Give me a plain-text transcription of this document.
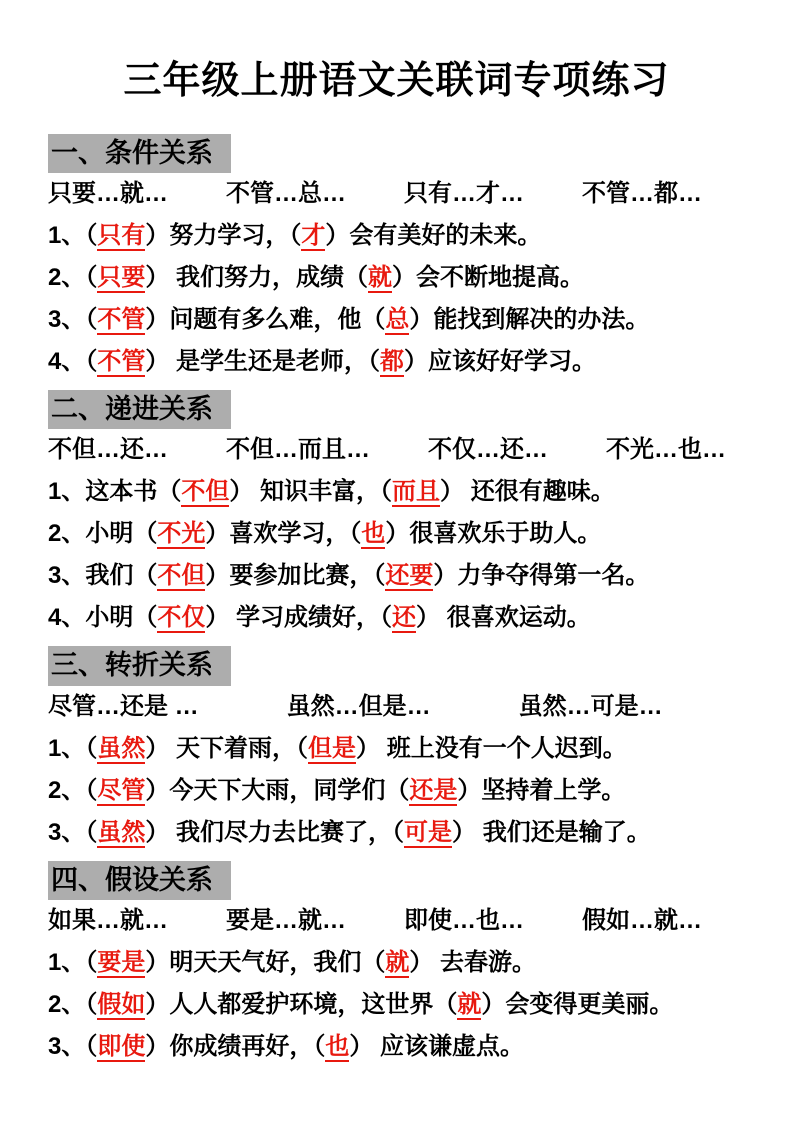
三年级上册语文关联词专项练习
一、条件关系
只要…就… 不管…总… 只有…才… 不管…都…

1、（只有）努力学习，（才）会有美好的未来。

2、（只要） 我们努力，成绩（就）会不断地提高。

3、（不管）问题有多么难，他（总）能找到解决的办法。

4、（不管） 是学生还是老师，（都）应该好好学习。

二、递进关系
不但…还… 不但…而且… 不仅…还… 不光…也…

1、这本书（不但） 知识丰富，（而且） 还很有趣味。

2、小明（不光）喜欢学习，（也）很喜欢乐于助人。

3、我们（不但）要参加比赛，（还要）力争夺得第一名。

4、小明（不仅） 学习成绩好，（还） 很喜欢运动。

三、转折关系
尽管…还是 …	虽然…但是…	虽然…可是…

1、（虽然） 天下着雨，（但是） 班上没有一个人迟到。

2、（尽管）今天下大雨，同学们（还是）坚持着上学。

3、（虽然） 我们尽力去比赛了，（可是） 我们还是输了。

四、假设关系
如果…就… 要是…就… 即使…也… 假如…就…

1、（要是）明天天气好，我们（就） 去春游。

2、（假如）人人都爱护环境，这世界（就）会变得更美丽。

3、（即使）你成绩再好，（也） 应该谦虚点。
